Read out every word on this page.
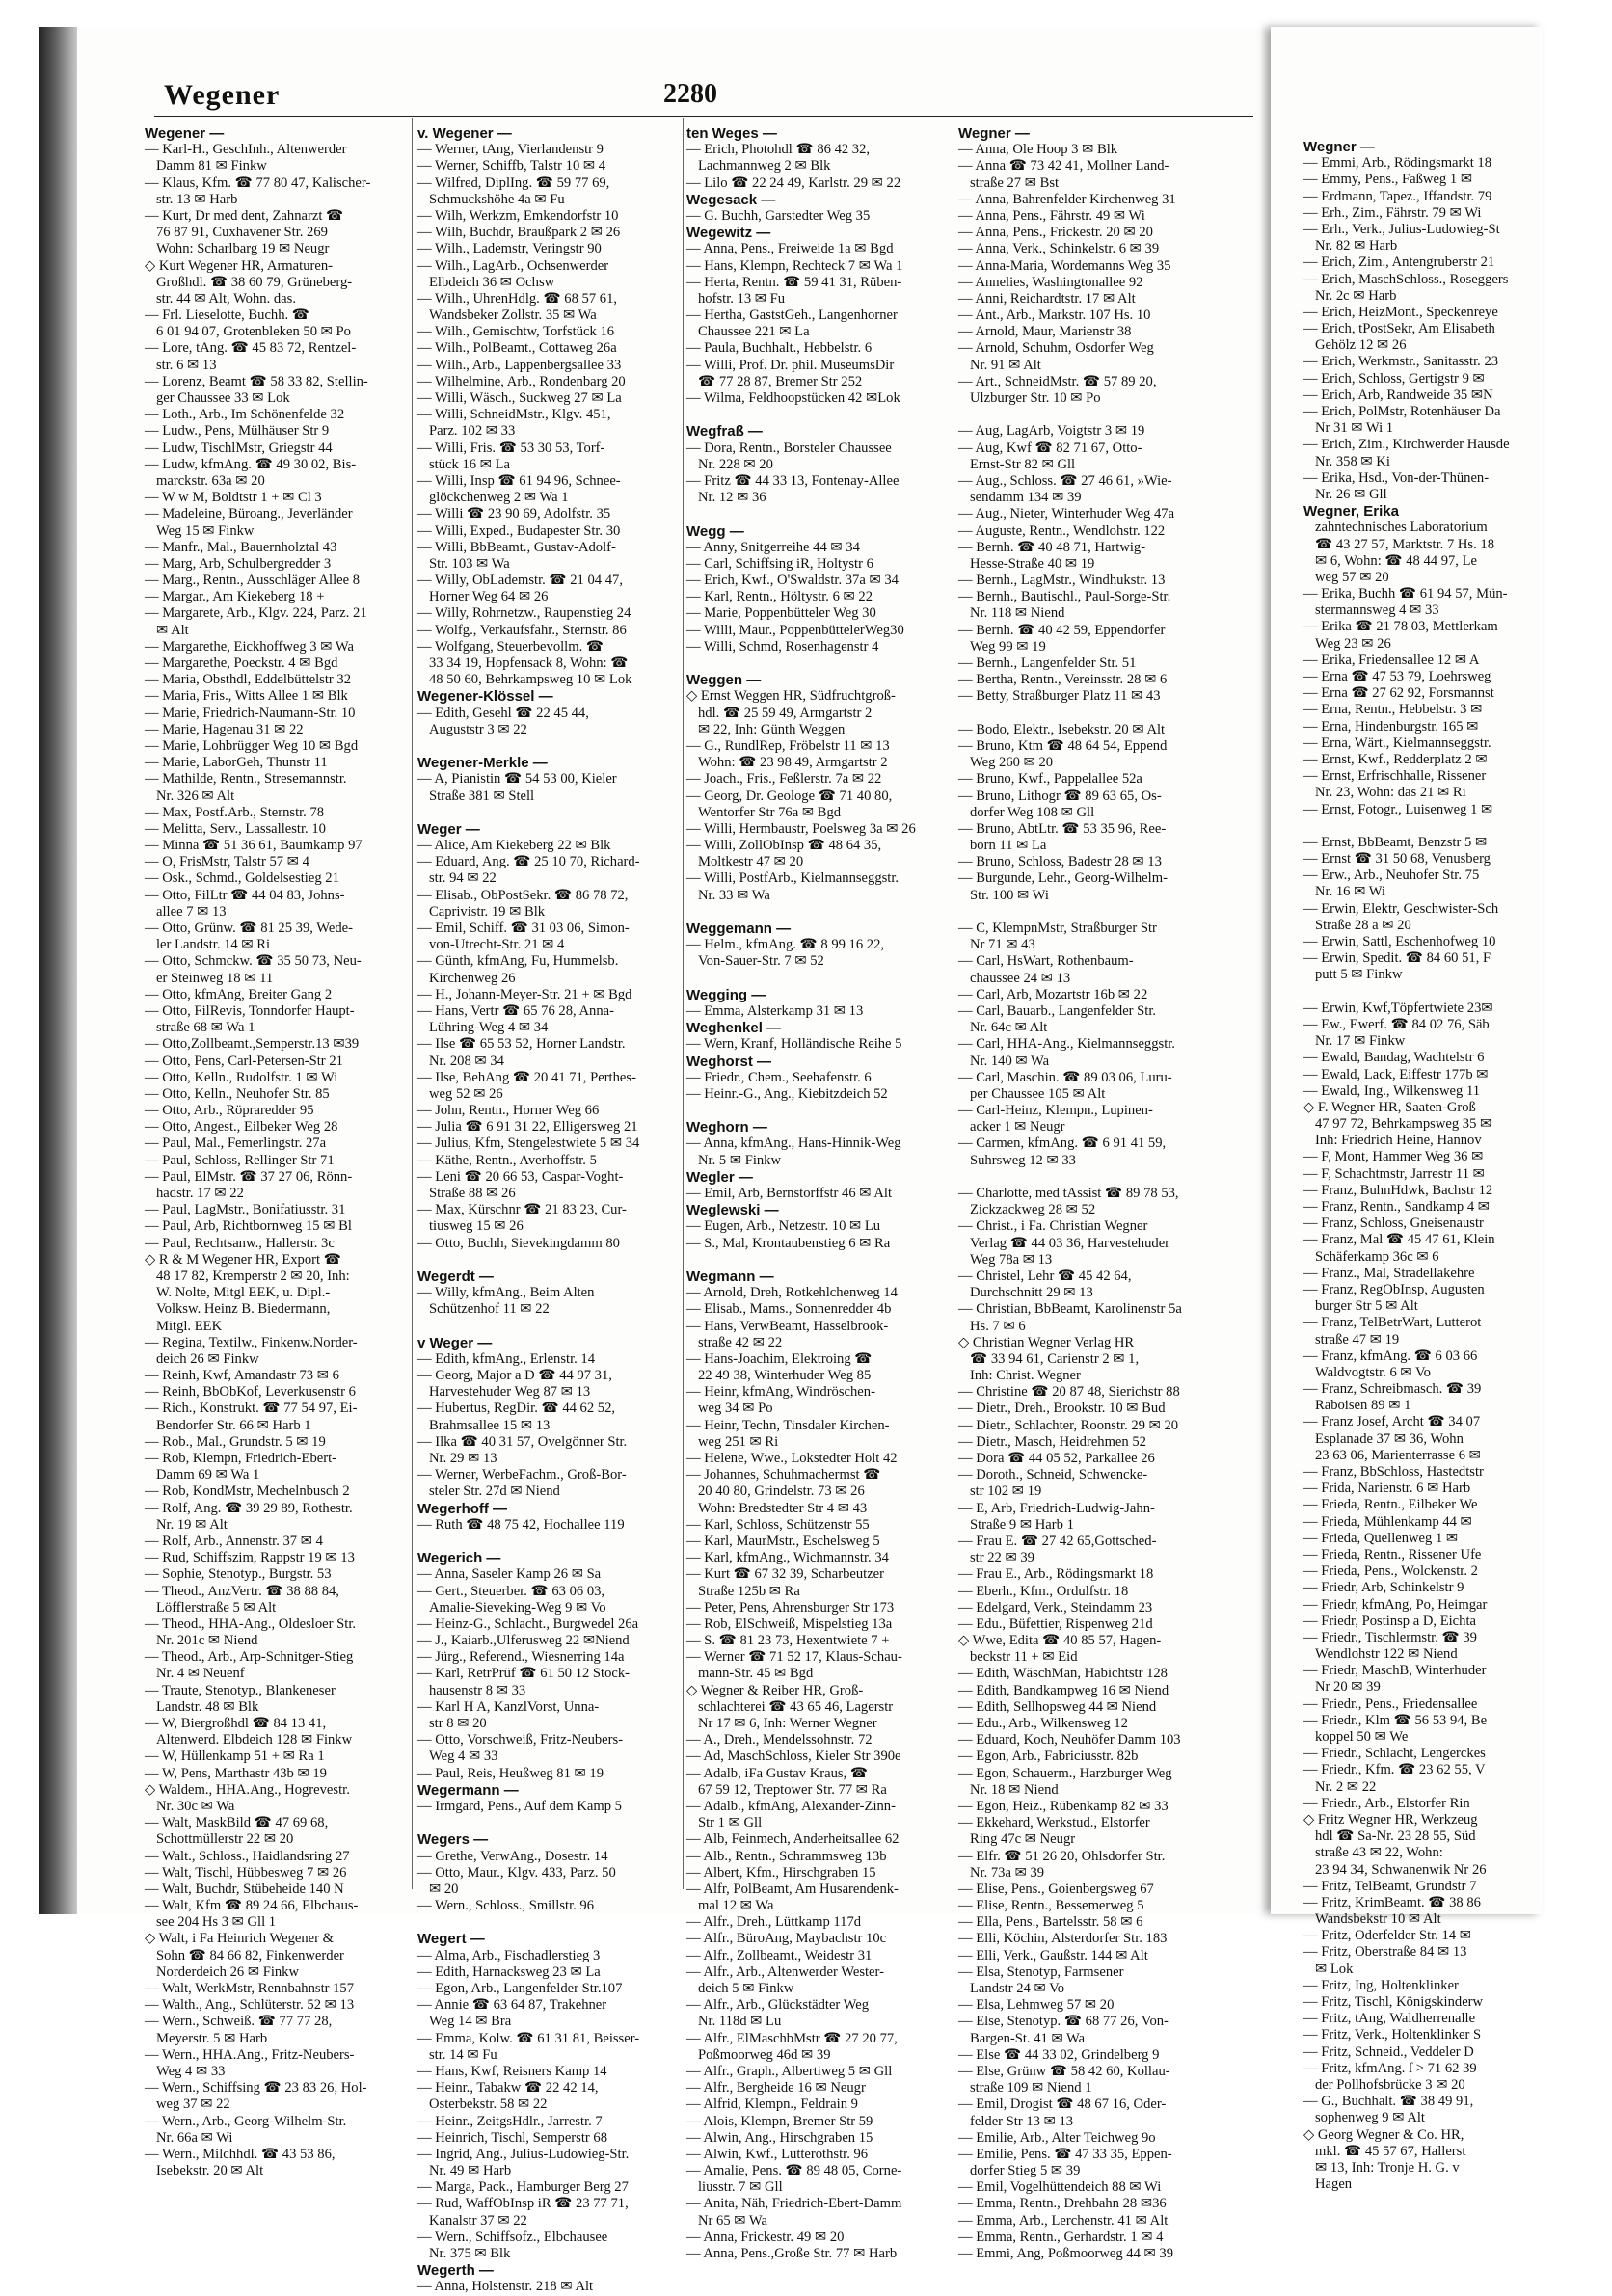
Wegner —
— Emmi, Arb., Rödingsmarkt 18
— Emmy, Pens., Faßweg 1 ✉
— Erdmann, Tapez., Iffandstr. 79
— Erh., Zim., Fährstr. 79 ✉ Wi
— Erh., Verk., Julius-Ludowieg-St
Nr. 82 ✉ Harb
— Erich, Zim., Antengruberstr 21
— Erich, MaschSchloss., Roseggers
Nr. 2c ✉ Harb
— Erich, HeizMont., Speckenreye
— Erich, tPostSekr, Am Elisabeth
Gehölz 12 ✉ 26
— Erich, Werkmstr., Sanitasstr. 23
— Erich, Schloss, Gertigstr 9 ✉
— Erich, Arb, Randweide 35 ✉N
— Erich, PolMstr, Rotenhäuser Da
Nr 31 ✉ Wi 1
— Erich, Zim., Kirchwerder Hausde
Nr. 358 ✉ Ki
— Erika, Hsd., Von-der-Thünen-
Nr. 26 ✉ Gll
Wegner, Erika
zahntechnisches Laboratorium
☎ 43 27 57, Marktstr. 7 Hs. 18
✉ 6, Wohn: ☎ 48 44 97, Le
weg 57 ✉ 20
— Erika, Buchh ☎ 61 94 57, Mün-
stermannsweg 4 ✉ 33
— Erika ☎ 21 78 03, Mettlerkam
Weg 23 ✉ 26
— Erika, Friedensallee 12 ✉ A
— Erna ☎ 47 53 79, Loehrsweg
— Erna ☎ 27 62 92, Forsmannst
— Erna, Rentn., Hebbelstr. 3 ✉
— Erna, Hindenburgstr. 165 ✉
— Erna, Wärt., Kielmannseggstr.
— Ernst, Kwf., Redderplatz 2 ✉
— Ernst, Erfrischhalle, Rissener
Nr. 23, Wohn: das 21 ✉ Ri
— Ernst, Fotogr., Luisenweg 1 ✉

— Ernst, BbBeamt, Benzstr 5 ✉
— Ernst ☎ 31 50 68, Venusberg
— Erw., Arb., Neuhofer Str. 75
Nr. 16 ✉ Wi
— Erwin, Elektr, Geschwister-Sch
Straße 28 a ✉ 20
— Erwin, Sattl, Eschenhofweg 10
— Erwin, Spedit. ☎ 84 60 51, F
putt 5 ✉ Finkw

— Erwin, Kwf,Töpfertwiete 23✉
— Ew., Ewerf. ☎ 84 02 76, Säb
Nr. 17 ✉ Finkw
— Ewald, Bandag, Wachtelstr 6
— Ewald, Lack, Eiffestr 177b ✉
— Ewald, Ing., Wilkensweg 11
◇ F. Wegner HR, Saaten-Groß
47 97 72, Behrkampsweg 35 ✉
Inh: Friedrich Heine, Hannov
— F, Mont, Hammer Weg 36 ✉
— F, Schachtmstr, Jarrestr 11 ✉
— Franz, BuhnHdwk, Bachstr 12
— Franz, Rentn., Sandkamp 4 ✉
— Franz, Schloss, Gneisenaustr
— Franz, Mal ☎ 45 47 61, Klein
Schäferkamp 36c ✉ 6
— Franz., Mal, Stradellakehre
— Franz, RegObInsp, Augusten
burger Str 5 ✉ Alt
— Franz, TelBetrWart, Lutterot
straße 47 ✉ 19
— Franz, kfmAng. ☎ 6 03 66
Waldvogtstr. 6 ✉ Vo
— Franz, Schreibmasch. ☎ 39
Raboisen 89 ✉ 1
— Franz Josef, Archt ☎ 34 07
Esplanade 37 ✉ 36, Wohn
23 63 06, Marienterrasse 6 ✉
— Franz, BbSchloss, Hastedtstr
— Frida, Narienstr. 6 ✉ Harb
— Frieda, Rentn., Eilbeker We
— Frieda, Mühlenkamp 44 ✉
— Frieda, Quellenweg 1 ✉
— Frieda, Rentn., Rissener Ufe
— Frieda, Pens., Wolckenstr. 2
— Friedr, Arb, Schinkelstr 9
— Friedr, kfmAng, Po, Heimgar
— Friedr, Postinsp a D, Eichta
— Friedr., Tischlermstr. ☎ 39
Wendlohstr 122 ✉ Niend
— Friedr, MaschB, Winterhuder
Nr 20 ✉ 39
— Friedr., Pens., Friedensallee
— Friedr., Klm ☎ 56 53 94, Be
koppel 50 ✉ We
— Friedr., Schlacht, Lengerckes
— Friedr., Kfm. ☎ 23 62 55, V
Nr. 2 ✉ 22
— Friedr., Arb., Elstorfer Rin
◇ Fritz Wegner HR, Werkzeug
hdl ☎ Sa-Nr. 23 28 55, Süd
straße 43 ✉ 22, Wohn:
23 94 34, Schwanenwik Nr 26
— Fritz, TelBeamt, Grundstr 7
— Fritz, KrimBeamt. ☎ 38 86
Wandsbekstr 10 ✉ Alt
— Fritz, Oderfelder Str. 14 ✉
— Fritz, Oberstraße 84 ✉ 13
✉ Lok
— Fritz, Ing, Holtenklinker
— Fritz, Tischl, Königskinderw
— Fritz, tAng, Waldherrenalle
— Fritz, Verk., Holtenklinker S
— Fritz, Schneid., Veddeler D
— Fritz, kfmAng. ſ > 71 62 39
der Pollhofsbrücke 3 ✉ 20
— G., Buchhalt. ☎ 38 49 91,
sophenweg 9 ✉ Alt
◇ Georg Wegner & Co. HR,
mkl. ☎ 45 57 67, Hallerst
✉ 13, Inh: Tronje H. G. v
Hagen
Wegener	2280
Wegener —
— Karl-H., GeschInh., Altenwerder
Damm 81 ✉ Finkw
— Klaus, Kfm. ☎ 77 80 47, Kalischer-
str. 13 ✉ Harb
— Kurt, Dr med dent, Zahnarzt ☎
76 87 91, Cuxhavener Str. 269
Wohn: Scharlbarg 19 ✉ Neugr
◇ Kurt Wegener HR, Armaturen-
Großhdl. ☎ 38 60 79, Grüneberg-
str. 44 ✉ Alt, Wohn. das.
— Frl. Lieselotte, Buchh. ☎
6 01 94 07, Grotenbleken 50 ✉ Po
— Lore, tAng. ☎ 45 83 72, Rentzel-
str. 6 ✉ 13
— Lorenz, Beamt ☎ 58 33 82, Stellin-
ger Chaussee 33 ✉ Lok
— Loth., Arb., Im Schönenfelde 32
— Ludw., Pens, Mülhäuser Str 9
— Ludw, TischlMstr, Griegstr 44
— Ludw, kfmAng. ☎ 49 30 02, Bis-
marckstr. 63a ✉ 20
— W w M, Boldtstr 1 + ✉ Cl 3
— Madeleine, Büroang., Jeverländer
Weg 15 ✉ Finkw
— Manfr., Mal., Bauernholztal 43
— Marg, Arb, Schulbergredder 3
— Marg., Rentn., Ausschläger Allee 8
— Margar., Am Kiekeberg 18 +
— Margarete, Arb., Klgv. 224, Parz. 21
✉ Alt
— Margarethe, Eickhoffweg 3 ✉ Wa
— Margarethe, Poeckstr. 4 ✉ Bgd
— Maria, Obsthdl, Eddelbüttelstr 32
— Maria, Fris., Witts Allee 1 ✉ Blk
— Marie, Friedrich-Naumann-Str. 10
— Marie, Hagenau 31 ✉ 22
— Marie, Lohbrügger Weg 10 ✉ Bgd
— Marie, LaborGeh, Thunstr 11
— Mathilde, Rentn., Stresemannstr.
Nr. 326 ✉ Alt
— Max, Postf.Arb., Sternstr. 78
— Melitta, Serv., Lassallestr. 10
— Minna ☎ 51 36 61, Baumkamp 97
— O, FrisMstr, Talstr 57 ✉ 4
— Osk., Schmd., Goldelsestieg 21
— Otto, FilLtr ☎ 44 04 83, Johns-
allee 7 ✉ 13
— Otto, Grünw. ☎ 81 25 39, Wede-
ler Landstr. 14 ✉ Ri
— Otto, Schmckw. ☎ 35 50 73, Neu-
er Steinweg 18 ✉ 11
— Otto, kfmAng, Breiter Gang 2
— Otto, FilRevis, Tonndorfer Haupt-
straße 68 ✉ Wa 1
— Otto,Zollbeamt.,Semperstr.13 ✉39
— Otto, Pens, Carl-Petersen-Str 21
— Otto, Kelln., Rudolfstr. 1 ✉ Wi
— Otto, Kelln., Neuhofer Str. 85
— Otto, Arb., Röpraredder 95
— Otto, Angest., Eilbeker Weg 28
— Paul, Mal., Femerlingstr. 27a
— Paul, Schloss, Rellinger Str 71
— Paul, ElMstr. ☎ 37 27 06, Rönn-
hadstr. 17 ✉ 22
— Paul, LagMstr., Bonifatiusstr. 31
— Paul, Arb, Richtbornweg 15 ✉ Bl
— Paul, Rechtsanw., Hallerstr. 3c
◇ R & M Wegener HR, Export ☎
48 17 82, Kremperstr 2 ✉ 20, Inh:
W. Nolte, Mitgl EEK, u. Dipl.-
Volksw. Heinz B. Biedermann,
Mitgl. EEK
— Regina, Textilw., Finkenw.Norder-
deich 26 ✉ Finkw
— Reinh, Kwf, Amandastr 73 ✉ 6
— Reinh, BbObKof, Leverkusenstr 6
— Rich., Konstrukt. ☎ 77 54 97, Ei-
Bendorfer Str. 66 ✉ Harb 1
— Rob., Mal., Grundstr. 5 ✉ 19
— Rob, Klempn, Friedrich-Ebert-
Damm 69 ✉ Wa 1
— Rob, KondMstr, Mechelnbusch 2
— Rolf, Ang. ☎ 39 29 89, Rothestr.
Nr. 19 ✉ Alt
— Rolf, Arb., Annenstr. 37 ✉ 4
— Rud, Schiffszim, Rappstr 19 ✉ 13
— Sophie, Stenotyp., Burgstr. 53
— Theod., AnzVertr. ☎ 38 88 84,
Löfflerstraße 5 ✉ Alt
— Theod., HHA-Ang., Oldesloer Str.
Nr. 201c ✉ Niend
— Theod., Arb., Arp-Schnitger-Stieg
Nr. 4 ✉ Neuenf
— Traute, Stenotyp., Blankeneser
Landstr. 48 ✉ Blk
— W, Biergroßhdl ☎ 84 13 41,
Altenwerd. Elbdeich 128 ✉ Finkw
— W, Hüllenkamp 51 + ✉ Ra 1
— W, Pens, Marthastr 43b ✉ 19
◇ Waldem., HHA.Ang., Hogrevestr.
Nr. 30c ✉ Wa
— Walt, MaskBild ☎ 47 69 68,
Schottmüllerstr 22 ✉ 20
— Walt., Schloss., Haidlandsring 27
— Walt, Tischl, Hübbesweg 7 ✉ 26
— Walt, Buchdr, Stübeheide 140 N
— Walt, Kfm ☎ 89 24 66, Elbchaus-
see 204 Hs 3 ✉ Gll 1
◇ Walt, i Fa Heinrich Wegener &
Sohn ☎ 84 66 82, Finkenwerder
Norderdeich 26 ✉ Finkw
— Walt, WerkMstr, Rennbahnstr 157
— Walth., Ang., Schlüterstr. 52 ✉ 13
— Wern., Schweiß. ☎ 77 77 28,
Meyerstr. 5 ✉ Harb
— Wern., HHA.Ang., Fritz-Neubers-
Weg 4 ✉ 33
— Wern., Schiffsing ☎ 23 83 26, Hol-
weg 37 ✉ 22
— Wern., Arb., Georg-Wilhelm-Str.
Nr. 66a ✉ Wi
— Wern., Milchhdl. ☎ 43 53 86,
Isebekstr. 20 ✉ Alt
v. Wegener —
— Werner, tAng, Vierlandenstr 9
— Werner, Schiffb, Talstr 10 ✉ 4
— Wilfred, DiplIng. ☎ 59 77 69,
Schmuckshöhe 4a ✉ Fu
— Wilh, Werkzm, Emkendorfstr 10
— Wilh, Buchdr, Braußpark 2 ✉ 26
— Wilh., Lademstr, Veringstr 90
— Wilh., LagArb., Ochsenwerder
Elbdeich 36 ✉ Ochsw
— Wilh., UhrenHdlg. ☎ 68 57 61,
Wandsbeker Zollstr. 35 ✉ Wa
— Wilh., Gemischtw, Torfstück 16
— Wilh., PolBeamt., Cottaweg 26a
— Wilh., Arb., Lappenbergsallee 33
— Wilhelmine, Arb., Rondenbarg 20
— Willi, Wäsch., Suckweg 27 ✉ La
— Willi, SchneidMstr., Klgv. 451,
Parz. 102 ✉ 33
— Willi, Fris. ☎ 53 30 53, Torf-
stück 16 ✉ La
— Willi, Insp ☎ 61 94 96, Schnee-
glöckchenweg 2 ✉ Wa 1
— Willi ☎ 23 90 69, Adolfstr. 35
— Willi, Exped., Budapester Str. 30
— Willi, BbBeamt., Gustav-Adolf-
Str. 103 ✉ Wa
— Willy, ObLademstr. ☎ 21 04 47,
Horner Weg 64 ✉ 26
— Willy, Rohrnetzw., Raupenstieg 24
— Wolfg., Verkaufsfahr., Sternstr. 86
— Wolfgang, Steuerbevollm. ☎
33 34 19, Hopfensack 8, Wohn: ☎
48 50 60, Behrkampsweg 10 ✉ Lok
Wegener-Klössel —
— Edith, Gesehl ☎ 22 45 44,
Auguststr 3 ✉ 22

Wegener-Merkle —
— A, Pianistin ☎ 54 53 00, Kieler
Straße 381 ✉ Stell

Weger —
— Alice, Am Kiekeberg 22 ✉ Blk
— Eduard, Ang. ☎ 25 10 70, Richard-
str. 94 ✉ 22
— Elisab., ObPostSekr. ☎ 86 78 72,
Caprivistr. 19 ✉ Blk
— Emil, Schiff. ☎ 31 03 06, Simon-
von-Utrecht-Str. 21 ✉ 4
— Günth, kfmAng, Fu, Hummelsb.
Kirchenweg 26
— H., Johann-Meyer-Str. 21 + ✉ Bgd
— Hans, Vertr ☎ 65 76 28, Anna-
Lühring-Weg 4 ✉ 34
— Ilse ☎ 65 53 52, Horner Landstr.
Nr. 208 ✉ 34
— Ilse, BehAng ☎ 20 41 71, Perthes-
weg 52 ✉ 26
— John, Rentn., Horner Weg 66
— Julia ☎ 6 91 31 22, Elligersweg 21
— Julius, Kfm, Stengelestwiete 5 ✉ 34
— Käthe, Rentn., Averhoffstr. 5
— Leni ☎ 20 66 53, Caspar-Voght-
Straße 88 ✉ 26
— Max, Kürschnr ☎ 21 83 23, Cur-
tiusweg 15 ✉ 26
— Otto, Buchh, Sievekingdamm 80

Wegerdt —
— Willy, kfmAng., Beim Alten
Schützenhof 11 ✉ 22

v Weger —
— Edith, kfmAng., Erlenstr. 14
— Georg, Major a D ☎ 44 97 31,
Harvestehuder Weg 87 ✉ 13
— Hubertus, RegDir. ☎ 44 62 52,
Brahmsallee 15 ✉ 13
— Ilka ☎ 40 31 57, Ovelgönner Str.
Nr. 29 ✉ 13
— Werner, WerbeFachm., Groß-Bor-
steler Str. 27d ✉ Niend
Wegerhoff —
— Ruth ☎ 48 75 42, Hochallee 119

Wegerich —
— Anna, Saseler Kamp 26 ✉ Sa
— Gert., Steuerber. ☎ 63 06 03,
Amalie-Sieveking-Weg 9 ✉ Vo
— Heinz-G., Schlacht., Burgwedel 26a
— J., Kaiarb.,Ulferusweg 22 ✉Niend
— Jürg., Referend., Wiesnerring 14a
— Karl, RetrPrüf ☎ 61 50 12 Stock-
hausenstr 8 ✉ 33
— Karl H A, KanzlVorst, Unna-
str 8 ✉ 20
— Otto, Vorschweiß, Fritz-Neubers-
Weg 4 ✉ 33
— Paul, Reis, Heußweg 81 ✉ 19
Wegermann —
— Irmgard, Pens., Auf dem Kamp 5

Wegers —
— Grethe, VerwAng., Dosestr. 14
— Otto, Maur., Klgv. 433, Parz. 50
✉ 20
— Wern., Schloss., Smillstr. 96

Wegert —
— Alma, Arb., Fischadlerstieg 3
— Edith, Harnacksweg 23 ✉ La
— Egon, Arb., Langenfelder Str.107
— Annie ☎ 63 64 87, Trakehner
Weg 14 ✉ Bra
— Emma, Kolw. ☎ 61 31 81, Beisser-
str. 14 ✉ Fu
— Hans, Kwf, Reisners Kamp 14
— Heinr., Tabakw ☎ 22 42 14,
Osterbekstr. 58 ✉ 22
— Heinr., ZeitgsHdlr., Jarrestr. 7
— Heinrich, Tischl, Semperstr 68
— Ingrid, Ang., Julius-Ludowieg-Str.
Nr. 49 ✉ Harb
— Marga, Pack., Hamburger Berg 27
— Rud, WaffObInsp iR ☎ 23 77 71,
Kanalstr 37 ✉ 22
— Wern., Schiffsofz., Elbchausee
Nr. 375 ✉ Blk
Wegerth —
— Anna, Holstenstr. 218 ✉ Alt
ten Weges —
— Erich, Photohdl ☎ 86 42 32,
Lachmannweg 2 ✉ Blk
— Lilo ☎ 22 24 49, Karlstr. 29 ✉ 22
Wegesack —
— G. Buchh, Garstedter Weg 35
Wegewitz —
— Anna, Pens., Freiweide 1a ✉ Bgd
— Hans, Klempn, Rechteck 7 ✉ Wa 1
— Herta, Rentn. ☎ 59 41 31, Rüben-
hofstr. 13 ✉ Fu
— Hertha, GaststGeh., Langenhorner
Chaussee 221 ✉ La
— Paula, Buchhalt., Hebbelstr. 6
— Willi, Prof. Dr. phil. MuseumsDir
☎ 77 28 87, Bremer Str 252
— Wilma, Feldhoopstücken 42 ✉Lok

Wegfraß —
— Dora, Rentn., Borsteler Chaussee
Nr. 228 ✉ 20
— Fritz ☎ 44 33 13, Fontenay-Allee
Nr. 12 ✉ 36

Wegg —
— Anny, Snitgerreihe 44 ✉ 34
— Carl, Schiffsing iR, Holtystr 6
— Erich, Kwf., O'Swaldstr. 37a ✉ 34
— Karl, Rentn., Höltystr. 6 ✉ 22
— Marie, Poppenbütteler Weg 30
— Willi, Maur., PoppenbüttelerWeg30
— Willi, Schmd, Rosenhagenstr 4

Weggen —
◇ Ernst Weggen HR, Südfruchtgroß-
hdl. ☎ 25 59 49, Armgartstr 2
✉ 22, Inh: Günth Weggen
— G., RundlRep, Fröbelstr 11 ✉ 13
Wohn: ☎ 23 98 49, Armgartstr 2
— Joach., Fris., Feßlerstr. 7a ✉ 22
— Georg, Dr. Geologe ☎ 71 40 80,
Wentorfer Str 76a ✉ Bgd
— Willi, Hermbaustr, Poelsweg 3a ✉ 26
— Willi, ZollObInsp ☎ 48 64 35,
Moltkestr 47 ✉ 20
— Willi, PostfArb., Kielmannseggstr.
Nr. 33 ✉ Wa

Weggemann —
— Helm., kfmAng. ☎ 8 99 16 22,
Von-Sauer-Str. 7 ✉ 52

Wegging —
— Emma, Alsterkamp 31 ✉ 13
Weghenkel —
— Wern, Kranf, Holländische Reihe 5
Weghorst —
— Friedr., Chem., Seehafenstr. 6
— Heinr.-G., Ang., Kiebitzdeich 52

Weghorn —
— Anna, kfmAng., Hans-Hinnik-Weg
Nr. 5 ✉ Finkw
Wegler —
— Emil, Arb, Bernstorffstr 46 ✉ Alt
Weglewski —
— Eugen, Arb., Netzestr. 10 ✉ Lu
— S., Mal, Krontaubenstieg 6 ✉ Ra

Wegmann —
— Arnold, Dreh, Rotkehlchenweg 14
— Elisab., Mams., Sonnenredder 4b
— Hans, VerwBeamt, Hasselbrook-
straße 42 ✉ 22
— Hans-Joachim, Elektroing ☎
22 49 38, Winterhuder Weg 85
— Heinr, kfmAng, Windröschen-
weg 34 ✉ Po
— Heinr, Techn, Tinsdaler Kirchen-
weg 251 ✉ Ri
— Helene, Wwe., Lokstedter Holt 42
— Johannes, Schuhmachermst ☎
20 40 80, Grindelstr. 73 ✉ 26
Wohn: Bredstedter Str 4 ✉ 43
— Karl, Schloss, Schützenstr 55
— Karl, MaurMstr., Eschelsweg 5
— Karl, kfmAng., Wichmannstr. 34
— Kurt ☎ 67 32 39, Scharbeutzer
Straße 125b ✉ Ra
— Peter, Pens, Ahrensburger Str 173
— Rob, ElSchweiß, Mispelstieg 13a
— S. ☎ 81 23 73, Hexentwiete 7 +
— Werner ☎ 71 52 17, Klaus-Schau-
mann-Str. 45 ✉ Bgd
◇ Wegner & Reiber HR, Groß-
schlachterei ☎ 43 65 46, Lagerstr
Nr 17 ✉ 6, Inh: Werner Wegner
— A., Dreh., Mendelssohnstr. 72
— Ad, MaschSchloss, Kieler Str 390e
— Adalb, iFa Gustav Kraus, ☎
67 59 12, Treptower Str. 77 ✉ Ra
— Adalb., kfmAng, Alexander-Zinn-
Str 1 ✉ Gll
— Alb, Feinmech, Anderheitsallee 62
— Alb., Rentn., Schrammsweg 13b
— Albert, Kfm., Hirschgraben 15
— Alfr, PolBeamt, Am Husarendenk-
mal 12 ✉ Wa
— Alfr., Dreh., Lüttkamp 117d
— Alfr., BüroAng, Maybachstr 10c
— Alfr., Zollbeamt., Weidestr 31
— Alfr., Arb., Altenwerder Wester-
deich 5 ✉ Finkw
— Alfr., Arb., Glückstädter Weg
Nr. 118d ✉ Lu
— Alfr., ElMaschbMstr ☎ 27 20 77,
Poßmoorweg 46d ✉ 39
— Alfr., Graph., Albertiweg 5 ✉ Gll
— Alfr., Bergheide 16 ✉ Neugr
— Alfrid, Klempn., Feldrain 9
— Alois, Klempn, Bremer Str 59
— Alwin, Ang., Hirschgraben 15
— Alwin, Kwf., Lutterothstr. 96
— Amalie, Pens. ☎ 89 48 05, Corne-
liusstr. 7 ✉ Gll
— Anita, Näh, Friedrich-Ebert-Damm
Nr 65 ✉ Wa
— Anna, Frickestr. 49 ✉ 20
— Anna, Pens.,Große Str. 77 ✉ Harb
Wegner —
— Anna, Ole Hoop 3 ✉ Blk
— Anna ☎ 73 42 41, Mollner Land-
straße 27 ✉ Bst
— Anna, Bahrenfelder Kirchenweg 31
— Anna, Pens., Fährstr. 49 ✉ Wi
— Anna, Pens., Frickestr. 20 ✉ 20
— Anna, Verk., Schinkelstr. 6 ✉ 39
— Anna-Maria, Wordemanns Weg 35
— Annelies, Washingtonallee 92
— Anni, Reichardtstr. 17 ✉ Alt
— Ant., Arb., Markstr. 107 Hs. 10
— Arnold, Maur, Marienstr 38
— Arnold, Schuhm, Osdorfer Weg
Nr. 91 ✉ Alt
— Art., SchneidMstr. ☎ 57 89 20,
Ulzburger Str. 10 ✉ Po

— Aug, LagArb, Voigtstr 3 ✉ 19
— Aug, Kwf ☎ 82 71 67, Otto-
Ernst-Str 82 ✉ Gll
— Aug., Schloss. ☎ 27 46 61, »Wie-
sendamm 134 ✉ 39
— Aug., Nieter, Winterhuder Weg 47a
— Auguste, Rentn., Wendlohstr. 122
— Bernh. ☎ 40 48 71, Hartwig-
Hesse-Straße 40 ✉ 19
— Bernh., LagMstr., Windhukstr. 13
— Bernh., Bautischl., Paul-Sorge-Str.
Nr. 118 ✉ Niend
— Bernh. ☎ 40 42 59, Eppendorfer
Weg 99 ✉ 19
— Bernh., Langenfelder Str. 51
— Bertha, Rentn., Vereinsstr. 28 ✉ 6
— Betty, Straßburger Platz 11 ✉ 43

— Bodo, Elektr., Isebekstr. 20 ✉ Alt
— Bruno, Ktm ☎ 48 64 54, Eppend
Weg 260 ✉ 20
— Bruno, Kwf., Pappelallee 52a
— Bruno, Lithogr ☎ 89 63 65, Os-
dorfer Weg 108 ✉ Gll
— Bruno, AbtLtr. ☎ 53 35 96, Ree-
born 11 ✉ La
— Bruno, Schloss, Badestr 28 ✉ 13
— Burgunde, Lehr., Georg-Wilhelm-
Str. 100 ✉ Wi

— C, KlempnMstr, Straßburger Str
Nr 71 ✉ 43
— Carl, HsWart, Rothenbaum-
chaussee 24 ✉ 13
— Carl, Arb, Mozartstr 16b ✉ 22
— Carl, Bauarb., Langenfelder Str.
Nr. 64c ✉ Alt
— Carl, HHA-Ang., Kielmannseggstr.
Nr. 140 ✉ Wa
— Carl, Maschin. ☎ 89 03 06, Luru-
per Chaussee 105 ✉ Alt
— Carl-Heinz, Klempn., Lupinen-
acker 1 ✉ Neugr
— Carmen, kfmAng. ☎ 6 91 41 59,
Suhrsweg 12 ✉ 33

— Charlotte, med tAssist ☎ 89 78 53,
Zickzackweg 28 ✉ 52
— Christ., i Fa. Christian Wegner
Verlag ☎ 44 03 36, Harvestehuder
Weg 78a ✉ 13
— Christel, Lehr ☎ 45 42 64,
Durchschnitt 29 ✉ 13
— Christian, BbBeamt, Karolinenstr 5a
Hs. 7 ✉ 6
◇ Christian Wegner Verlag HR
☎ 33 94 61, Carienstr 2 ✉ 1,
Inh: Christ. Wegner
— Christine ☎ 20 87 48, Sierichstr 88
— Dietr., Dreh., Brookstr. 10 ✉ Bud
— Dietr., Schlachter, Roonstr. 29 ✉ 20
— Dietr., Masch, Heidrehmen 52
— Dora ☎ 44 05 52, Parkallee 26
— Doroth., Schneid, Schwenckе-
str 102 ✉ 19
— E, Arb, Friedrich-Ludwig-Jahn-
Straße 9 ✉ Harb 1
— Frau E. ☎ 27 42 65,Gottsched-
str 22 ✉ 39
— Frau E., Arb., Rödingsmarkt 18
— Eberh., Kfm., Ordulfstr. 18
— Edelgard, Verk., Steindamm 23
— Edu., Büfettier, Rispenweg 21d
◇ Wwe, Edita ☎ 40 85 57, Hagen-
beckstr 11 + ✉ Eid
— Edith, WäschMan, Habichtstr 128
— Edith, Bandkampweg 16 ✉ Niend
— Edith, Sellhopsweg 44 ✉ Niend
— Edu., Arb., Wilkensweg 12
— Eduard, Koch, Neuhöfer Damm 103
— Egon, Arb., Fabriciusstr. 82b
— Egon, Schauerm., Harzburger Weg
Nr. 18 ✉ Niend
— Egon, Heiz., Rübenkamp 82 ✉ 33
— Ekkehard, Werkstud., Elstorfer
Ring 47c ✉ Neugr
— Elfr. ☎ 51 26 20, Ohlsdorfer Str.
Nr. 73a ✉ 39
— Elise, Pens., Goienbergsweg 67
— Elise, Rentn., Bessemerweg 5
— Ella, Pens., Bartelsstr. 58 ✉ 6
— Elli, Köchin, Alsterdorfer Str. 183
— Elli, Verk., Gaußstr. 144 ✉ Alt
— Elsa, Stenotyp, Farmsener
Landstr 24 ✉ Vo
— Elsa, Lehmweg 57 ✉ 20
— Else, Stenotyp. ☎ 68 77 26, Von-
Bargen-St. 41 ✉ Wa
— Else ☎ 44 33 02, Grindelberg 9
— Else, Grünw ☎ 58 42 60, Kollau-
straße 109 ✉ Niend 1
— Emil, Drogist ☎ 48 67 16, Oder-
felder Str 13 ✉ 13
— Emilie, Arb., Alter Teichweg 9o
— Emilie, Pens. ☎ 47 33 35, Eppen-
dorfer Stieg 5 ✉ 39
— Emil, Vogelhüttendeich 88 ✉ Wi
— Emma, Rentn., Drehbahn 28 ✉36
— Emma, Arb., Lerchenstr. 41 ✉ Alt
— Emma, Rentn., Gerhardstr. 1 ✉ 4
— Emmi, Ang, Poßmoorweg 44 ✉ 39
